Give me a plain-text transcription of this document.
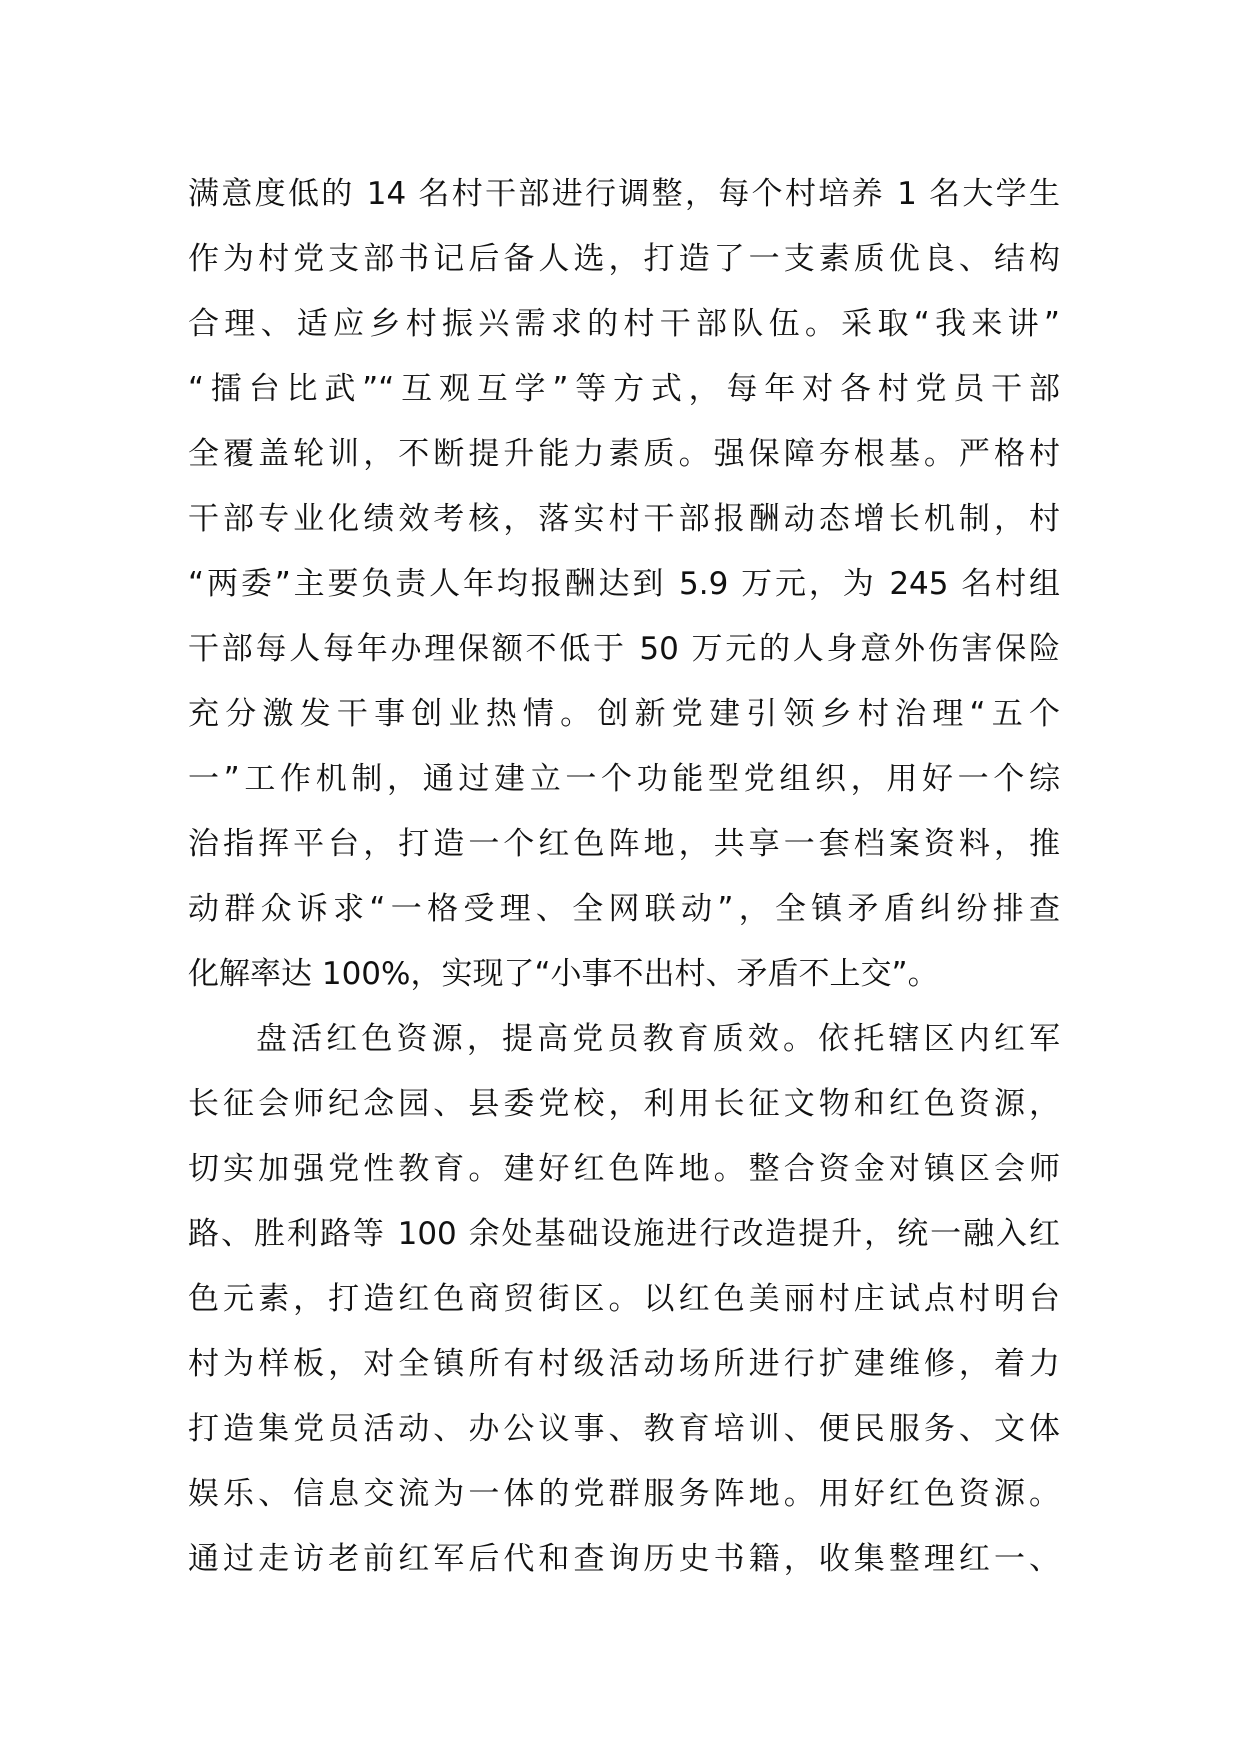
满意度低的 14 名村干部进行调整，每个村培养 1 名大学生
作为村党支部书记后备人选，打造了一支素质优良、结构
合理、适应乡村振兴需求的村干部队伍。采取“我来讲”
“擂台比武”“互观互学”等方式，每年对各村党员干部
全覆盖轮训，不断提升能力素质。强保障夯根基。严格村
干部专业化绩效考核，落实村干部报酬动态增长机制，村
“两委”主要负责人年均报酬达到 5.9 万元，为 245 名村组
干部每人每年办理保额不低于 50 万元的人身意外伤害保险
充分激发干事创业热情。创新党建引领乡村治理“五个
一”工作机制，通过建立一个功能型党组织，用好一个综
治指挥平台，打造一个红色阵地，共享一套档案资料，推
动群众诉求“一格受理、全网联动”，全镇矛盾纠纷排查
化解率达 100%，实现了“小事不出村、矛盾不上交”。
盘活红色资源，提高党员教育质效。依托辖区内红军
长征会师纪念园、县委党校，利用长征文物和红色资源，
切实加强党性教育。建好红色阵地。整合资金对镇区会师
路、胜利路等 100 余处基础设施进行改造提升，统一融入红
色元素，打造红色商贸街区。以红色美丽村庄试点村明台
村为样板，对全镇所有村级活动场所进行扩建维修，着力
打造集党员活动、办公议事、教育培训、便民服务、文体
娱乐、信息交流为一体的党群服务阵地。用好红色资源。
通过走访老前红军后代和查询历史书籍，收集整理红一、
